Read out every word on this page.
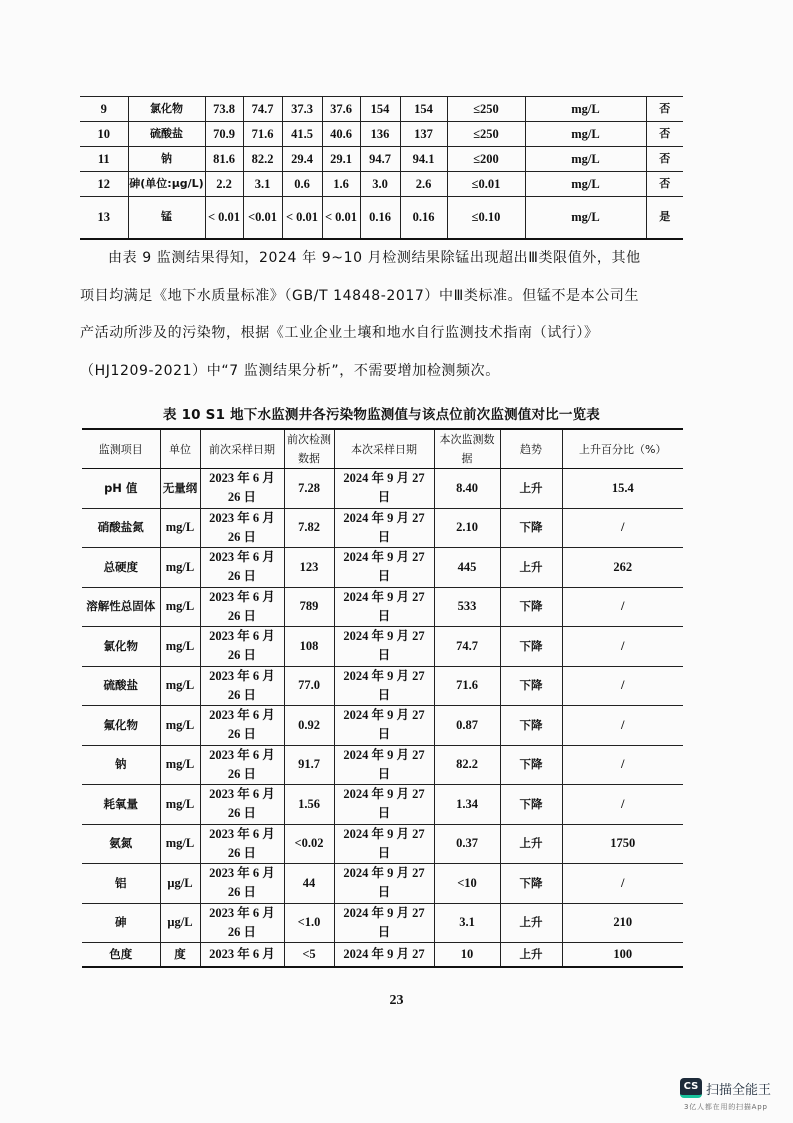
9	氯化物	73.8	74.7	37.3	37.6	154	154	≤250	mg/L	否
10	硫酸盐	70.9	71.6	41.5	40.6	136	137	≤250	mg/L	否
11	钠	81.6	82.2	29.4	29.1	94.7	94.1	≤200	mg/L	否
12	砷(单位:μg/L)	2.2	3.1	0.6	1.6	3.0	2.6	≤0.01	mg/L	否
13	锰	< 0.01	<0.01	< 0.01	< 0.01	0.16	0.16	≤0.10	mg/L	是

由表 9 监测结果得知，2024 年 9~10 月检测结果除锰出现超出Ⅲ类限值外，其他

项目均满足《地下水质量标准》（GB/T 14848-2017）中Ⅲ类标准。但锰不是本公司生

产活动所涉及的污染物，根据《工业企业土壤和地水自行监测技术指南（试行）》

（HJ1209-2021）中“7 监测结果分析”，不需要增加检测频次。

表 10 S1 地下水监测井各污染物监测值与该点位前次监测值对比一览表
监测项目	单位	前次采样日期	前次检测数据	本次采样日期	本次监测数据	趋势	上升百分比（%）
pH 值	无量纲	2023 年 6 月 26 日	7.28	2024 年 9 月 27 日	8.40	上升	15.4
硝酸盐氮	mg/L	2023 年 6 月 26 日	7.82	2024 年 9 月 27 日	2.10	下降	/
总硬度	mg/L	2023 年 6 月 26 日	123	2024 年 9 月 27 日	445	上升	262
溶解性总固体	mg/L	2023 年 6 月 26 日	789	2024 年 9 月 27 日	533	下降	/
氯化物	mg/L	2023 年 6 月 26 日	108	2024 年 9 月 27 日	74.7	下降	/
硫酸盐	mg/L	2023 年 6 月 26 日	77.0	2024 年 9 月 27 日	71.6	下降	/
氟化物	mg/L	2023 年 6 月 26 日	0.92	2024 年 9 月 27 日	0.87	下降	/
钠	mg/L	2023 年 6 月 26 日	91.7	2024 年 9 月 27 日	82.2	下降	/
耗氧量	mg/L	2023 年 6 月 26 日	1.56	2024 年 9 月 27 日	1.34	下降	/
氨氮	mg/L	2023 年 6 月 26 日	<0.02	2024 年 9 月 27 日	0.37	上升	1750
铝	μg/L	2023 年 6 月 26 日	44	2024 年 9 月 27 日	<10	下降	/
砷	μg/L	2023 年 6 月 26 日	<1.0	2024 年 9 月 27 日	3.1	上升	210
色度	度	2023 年 6 月	<5	2024 年 9 月 27	10	上升	100
23
CS 扫描全能王
3亿人都在用的扫描App
